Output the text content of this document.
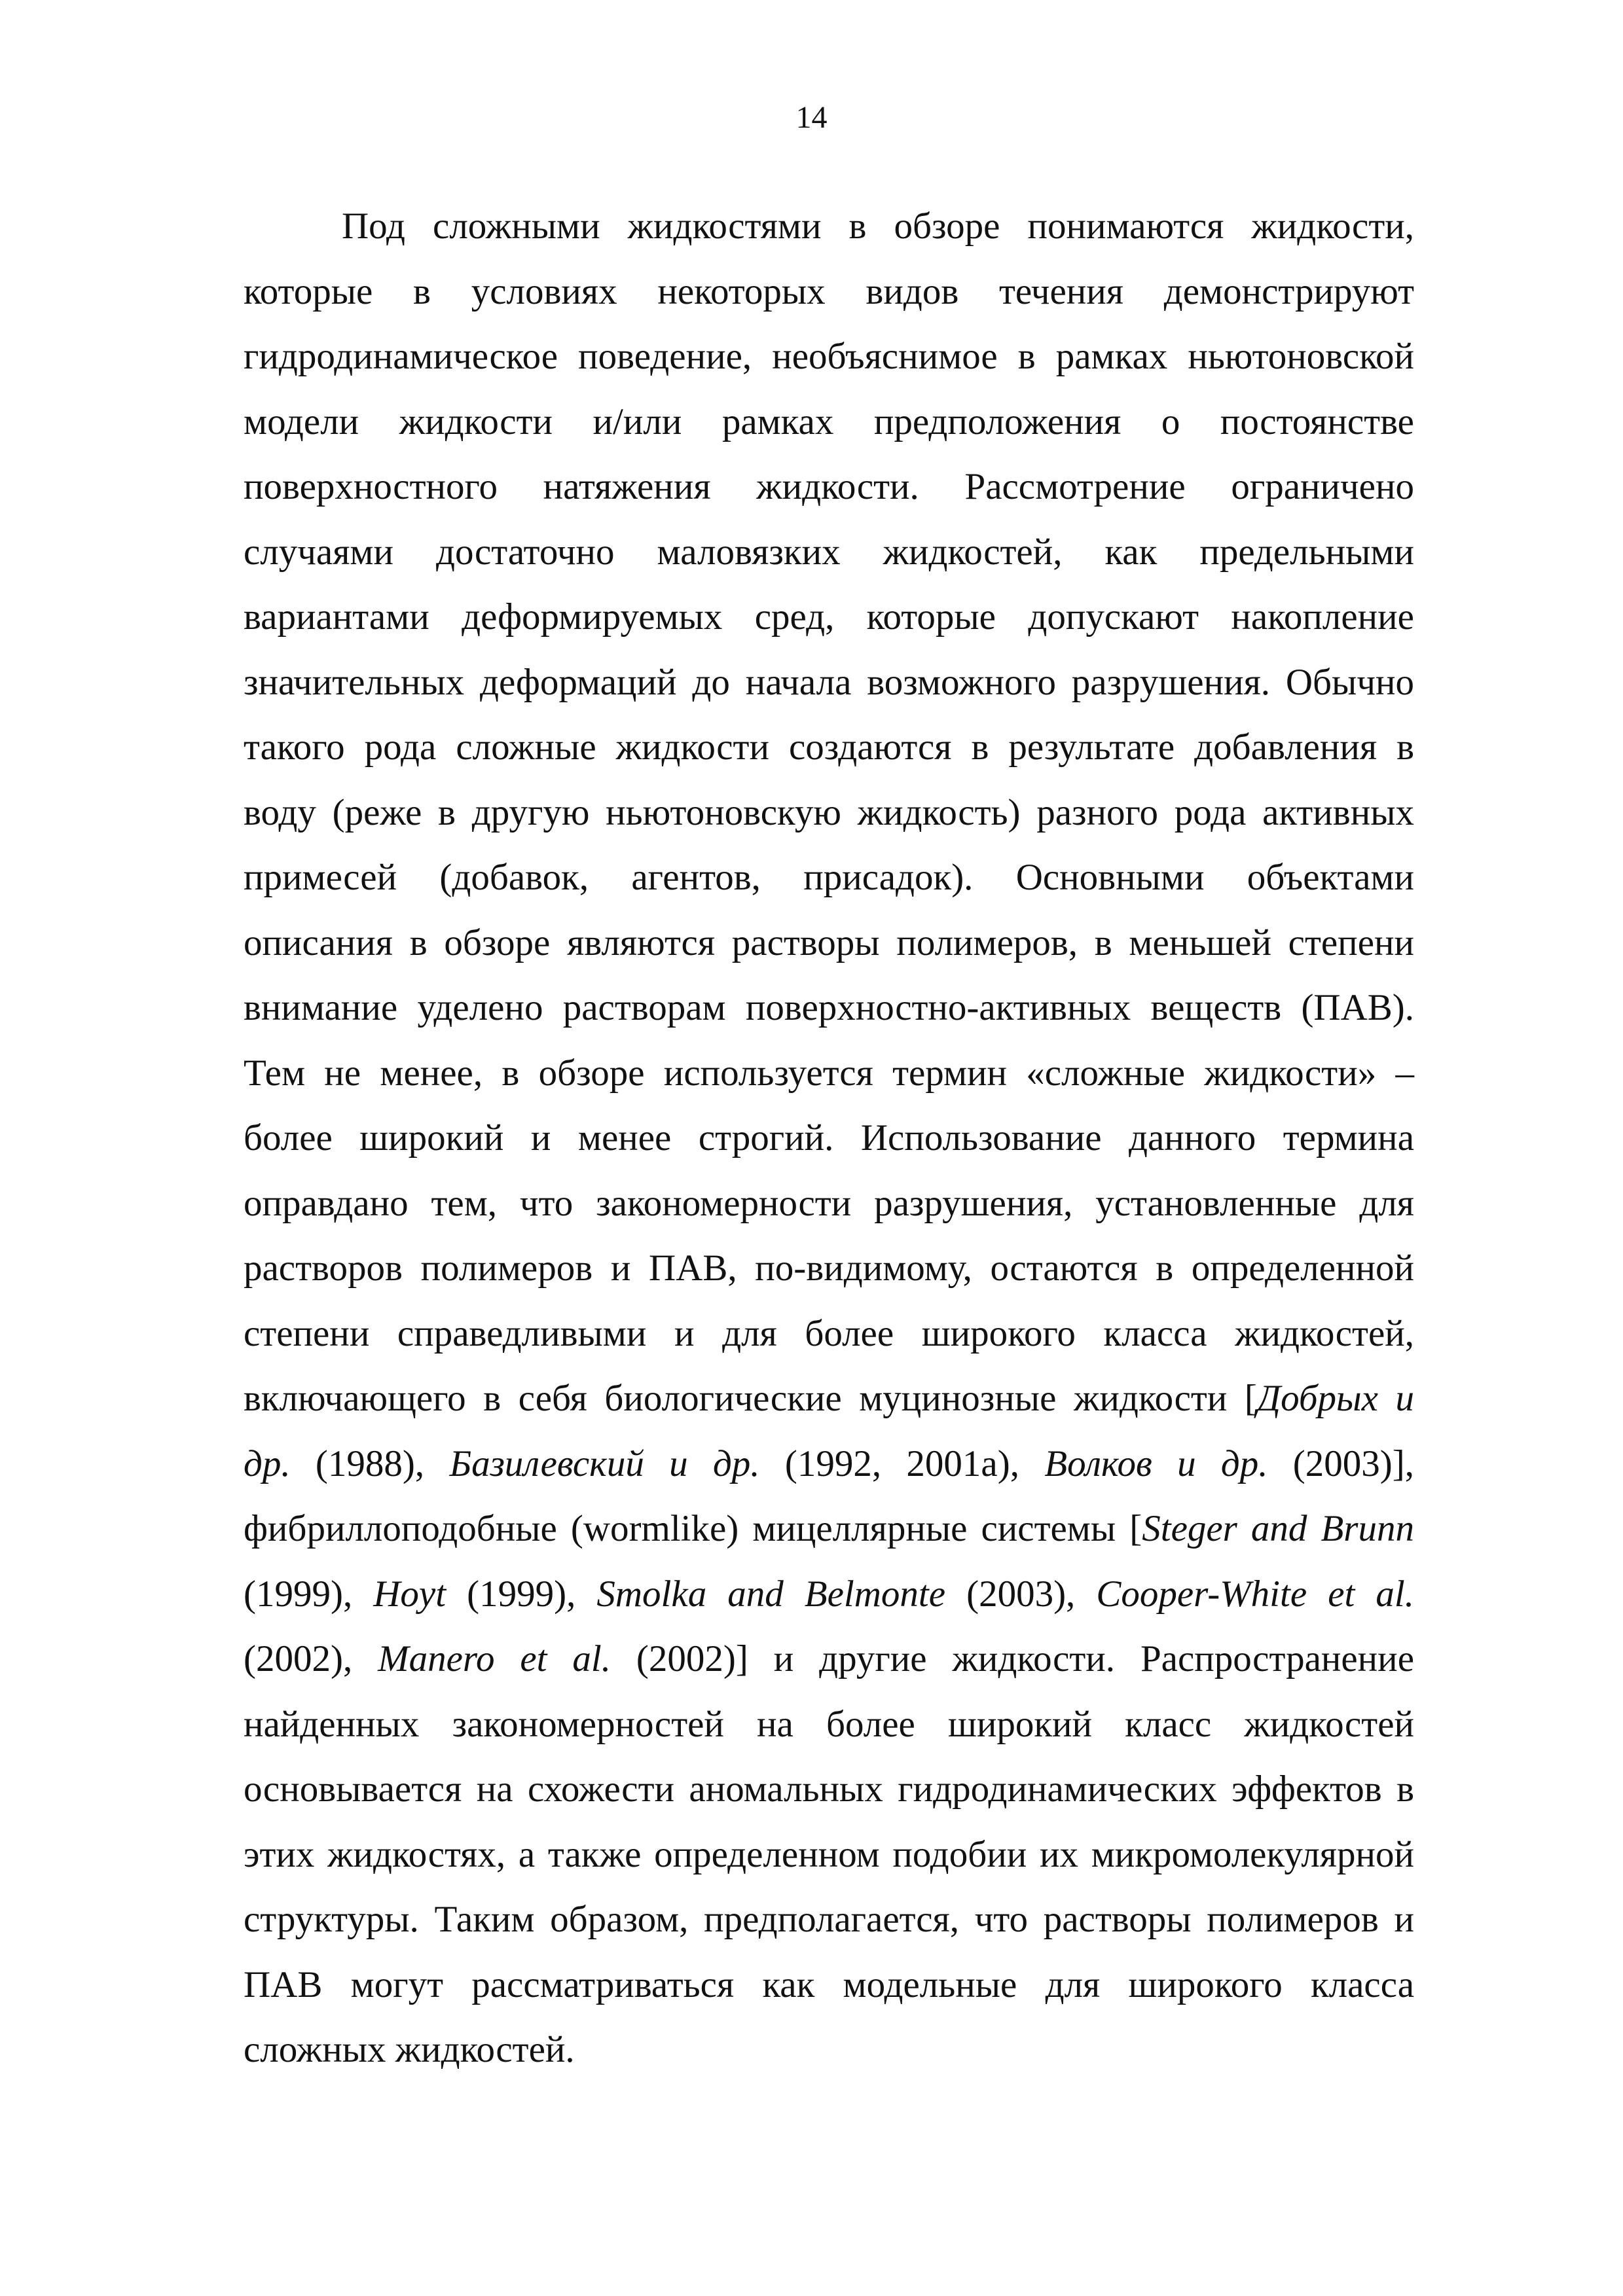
14
Под сложными жидкостями в обзоре понимаются жидкости,
которые в условиях некоторых видов течения демонстрируют
гидродинамическое поведение, необъяснимое в рамках ньютоновской
модели жидкости и/или рамках предположения о постоянстве
поверхностного натяжения жидкости. Рассмотрение ограничено
случаями достаточно маловязких жидкостей, как предельными
вариантами деформируемых сред, которые допускают накопление
значительных деформаций до начала возможного разрушения. Обычно
такого рода сложные жидкости создаются в результате добавления в
воду (реже в другую ньютоновскую жидкость) разного рода активных
примесей (добавок, агентов, присадок). Основными объектами
описания в обзоре являются растворы полимеров, в меньшей степени
внимание уделено растворам поверхностно-активных веществ (ПАВ).
Тем не менее, в обзоре используется термин «сложные жидкости» –
более широкий и менее строгий. Использование данного термина
оправдано тем, что закономерности разрушения, установленные для
растворов полимеров и ПАВ, по-видимому, остаются в определенной
степени справедливыми и для более широкого класса жидкостей,
включающего в себя биологические муцинозные жидкости [Добрых и
др. (1988), Базилевский и др. (1992, 2001a), Волков и др. (2003)],
фибриллоподобные (wormlike) мицеллярные системы [Steger and Brunn
(1999), Hoyt (1999), Smolka and Belmonte (2003), Cooper-White et al.
(2002), Manero et al. (2002)] и другие жидкости. Распространение
найденных закономерностей на более широкий класс жидкостей
основывается на схожести аномальных гидродинамических эффектов в
этих жидкостях, а также определенном подобии их микромолекулярной
структуры. Таким образом, предполагается, что растворы полимеров и
ПАВ могут рассматриваться как модельные для широкого класса
сложных жидкостей.
